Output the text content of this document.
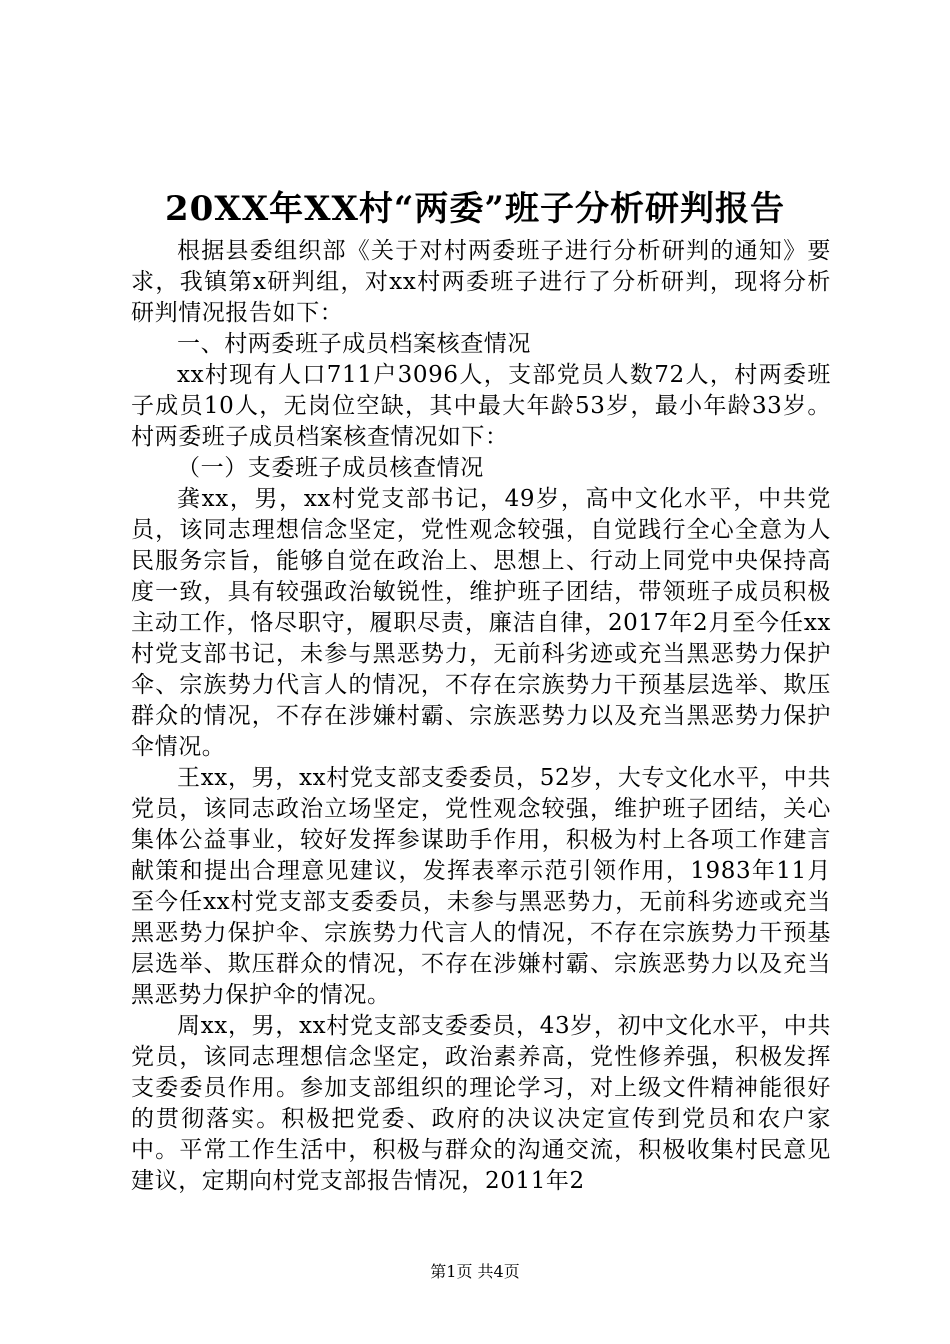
20XX年XX村“两委”班子分析研判报告

根据县委组织部《关于对村两委班子进行分析研判的通知》要求，我镇第x研判组，对xx村两委班子进行了分析研判，现将分析研判情况报告如下：

一、村两委班子成员档案核查情况

xx村现有人口711户3096人，支部党员人数72人，村两委班子成员10人，无岗位空缺，其中最大年龄53岁，最小年龄33岁。村两委班子成员档案核查情况如下：

（一）支委班子成员核查情况

龚xx，男，xx村党支部书记，49岁，高中文化水平，中共党员，该同志理想信念坚定，党性观念较强，自觉践行全心全意为人民服务宗旨，能够自觉在政治上、思想上、行动上同党中央保持高度一致，具有较强政治敏锐性，维护班子团结，带领班子成员积极主动工作，恪尽职守，履职尽责，廉洁自律，2017年2月至今任xx村党支部书记，未参与黑恶势力，无前科劣迹或充当黑恶势力保护伞、宗族势力代言人的情况，不存在宗族势力干预基层选举、欺压群众的情况，不存在涉嫌村霸、宗族恶势力以及充当黑恶势力保护伞情况。

王xx，男，xx村党支部支委委员，52岁，大专文化水平，中共党员，该同志政治立场坚定，党性观念较强，维护班子团结，关心集体公益事业，较好发挥参谋助手作用，积极为村上各项工作建言献策和提出合理意见建议，发挥表率示范引领作用，1983年11月至今任xx村党支部支委委员，未参与黑恶势力，无前科劣迹或充当黑恶势力保护伞、宗族势力代言人的情况，不存在宗族势力干预基层选举、欺压群众的情况，不存在涉嫌村霸、宗族恶势力以及充当黑恶势力保护伞的情况。

周xx，男，xx村党支部支委委员，43岁，初中文化水平，中共党员，该同志理想信念坚定，政治素养高，党性修养强，积极发挥支委委员作用。参加支部组织的理论学习，对上级文件精神能很好的贯彻落实。积极把党委、政府的决议决定宣传到党员和农户家中。平常工作生活中，积极与群众的沟通交流，积极收集村民意见建议，定期向村党支部报告情况，2011年2

第1页 共4页
